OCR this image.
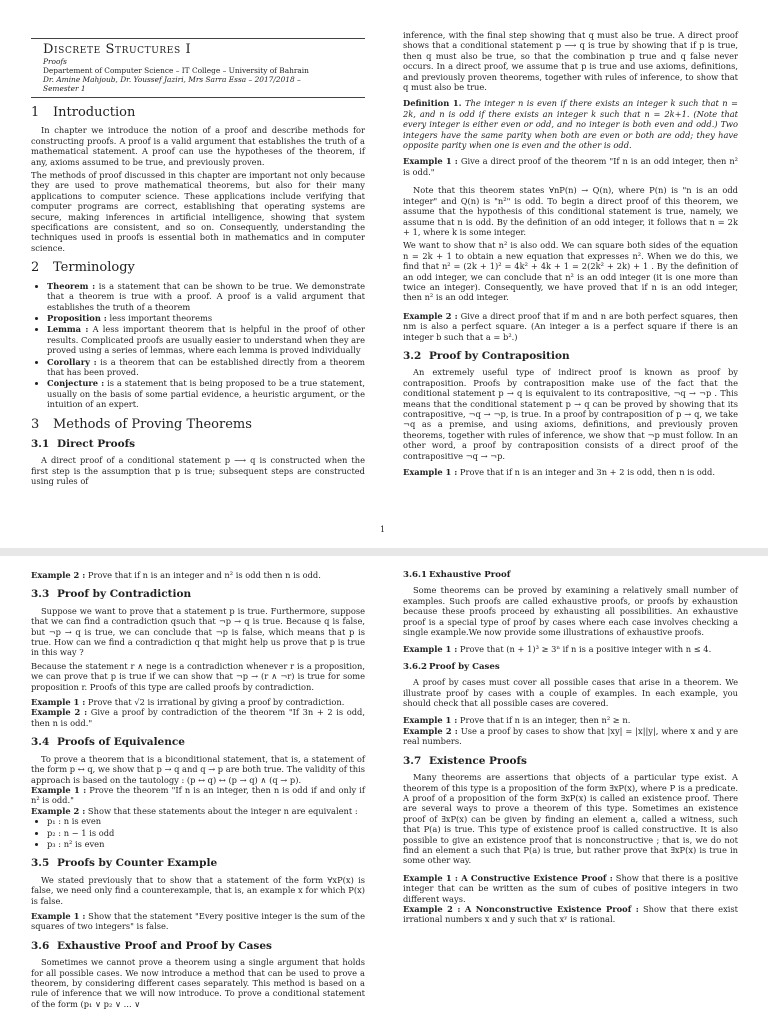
Discrete Structures I
Proofs
Departement of Computer Science – IT College – University of Bahrain
Dr. Amine Mahjoub, Dr. Youssef Jaziri, Mrs Sarra Essa – 2017/2018 –
Semester 1
1 Introduction

In chapter we introduce the notion of a proof and describe methods for constructing proofs. A proof is a valid argument that establishes the truth of a mathematical statement. A proof can use the hypotheses of the theorem, if any, axioms assumed to be true, and previously proven.

The methods of proof discussed in this chapter are important not only because they are used to prove mathematical theorems, but also for their many applications to computer science. These applications include verifying that computer programs are correct, establishing that operating systems are secure, making inferences in artificial intelligence, showing that system specifications are consistent, and so on. Consequently, understanding the techniques used in proofs is essential both in mathematics and in computer science.

2 Terminology
• Theorem : is a statement that can be shown to be true. We demonstrate that a theorem is true with a proof. A proof is a valid argument that establishes the truth of a theorem
• Proposition : less important theorems
• Lemma : A less important theorem that is helpful in the proof of other results. Complicated proofs are usually easier to understand when they are proved using a series of lemmas, where each lemma is proved individually
• Corollary : is a theorem that can be established directly from a theorem that has been proved.
• Conjecture : is a statement that is being proposed to be a true statement, usually on the basis of some partial evidence, a heuristic argument, or the intuition of an expert.
3 Methods of Proving Theorems
3.1 Direct Proofs

A direct proof of a conditional statement p ⟶ q is constructed when the first step is the assumption that p is true; subsequent steps are constructed using rules of

inference, with the final step showing that q must also be true. A direct proof shows that a conditional statement p ⟶ q is true by showing that if p is true, then q must also be true, so that the combination p true and q false never occurs. In a direct proof, we assume that p is true and use axioms, definitions, and previously proven theorems, together with rules of inference, to show that q must also be true.

Definition 1. The integer n is even if there exists an integer k such that n = 2k, and n is odd if there exists an integer k such that n = 2k+1. (Note that every integer is either even or odd, and no integer is both even and odd.) Two integers have the same parity when both are even or both are odd; they have opposite parity when one is even and the other is odd.

Example 1 : Give a direct proof of the theorem "If n is an odd integer, then n² is odd."

Note that this theorem states ∀nP(n) → Q(n), where P(n) is "n is an odd integer" and Q(n) is "n²" is odd. To begin a direct proof of this theorem, we assume that the hypothesis of this conditional statement is true, namely, we assume that n is odd. By the definition of an odd integer, it follows that n = 2k + 1, where k is some integer.

We want to show that n² is also odd. We can square both sides of the equation n = 2k + 1 to obtain a new equation that expresses n². When we do this, we find that n² = (2k + 1)² = 4k² + 4k + 1 = 2(2k² + 2k) + 1 . By the definition of an odd integer, we can conclude that n² is an odd integer (it is one more than twice an integer). Consequently, we have proved that if n is an odd integer, then n² is an odd integer.

Example 2 : Give a direct proof that if m and n are both perfect squares, then nm is also a perfect square. (An integer a is a perfect square if there is an integer b such that a = b².)

3.2 Proof by Contraposition

An extremely useful type of indirect proof is known as proof by contraposition. Proofs by contraposition make use of the fact that the conditional statement p → q is equivalent to its contrapositive, ¬q → ¬p . This means that the conditional statement p → q can be proved by showing that its contrapositive, ¬q → ¬p, is true. In a proof by contraposition of p → q, we take ¬q as a premise, and using axioms, definitions, and previously proven theorems, together with rules of inference, we show that ¬p must follow. In an other word, a proof by contraposition consists of a direct proof of the contrapositive ¬q → ¬p.

Example 1 : Prove that if n is an integer and 3n + 2 is odd, then n is odd.

1

Example 2 : Prove that if n is an integer and n² is odd then n is odd.

3.3 Proof by Contradiction

Suppose we want to prove that a statement p is true. Furthermore, suppose that we can find a contradiction qsuch that ¬p → q is true. Because q is false, but ¬p → q is true, we can conclude that ¬p is false, which means that p is true. How can we find a contradiction q that might help us prove that p is true in this way ?

Because the statement r ∧ nege is a contradiction whenever r is a proposition, we can prove that p is true if we can show that ¬p → (r ∧ ¬r) is true for some proposition r. Proofs of this type are called proofs by contradiction.

Example 1 : Prove that √2 is irrational by giving a proof by contradiction.

Example 2 : Give a proof by contradiction of the theorem "If 3n + 2 is odd, then n is odd."

3.4 Proofs of Equivalence

To prove a theorem that is a biconditional statement, that is, a statement of the form p ↔ q, we show that p → q and q → p are both true. The validity of this approach is based on the tautology : (p ↔ q) ↔ (p → q) ∧ (q → p).

Example 1 : Prove the theorem "If n is an integer, then n is odd if and only if n² is odd."

Example 2 : Show that these statements about the integer n are equivalent :

• p₁ : n is even
• p₂ : n − 1 is odd
• p₃ : n² is even
3.5 Proofs by Counter Example

We stated previously that to show that a statement of the form ∀xP(x) is false, we need only find a counterexample, that is, an example x for which P(x) is false.

Example 1 : Show that the statement "Every positive integer is the sum of the squares of two integers" is false.

3.6 Exhaustive Proof and Proof by Cases

Sometimes we cannot prove a theorem using a single argument that holds for all possible cases. We now introduce a method that can be used to prove a theorem, by considering different cases separately. This method is based on a rule of inference that we will now introduce. To prove a conditional statement of the form (p₁ ∨ p₂ ∨ ... ∨

3.6.1 Exhaustive Proof

Some theorems can be proved by examining a relatively small number of examples. Such proofs are called exhaustive proofs, or proofs by exhaustion because these proofs proceed by exhausting all possibilities. An exhaustive proof is a special type of proof by cases where each case involves checking a single example.We now provide some illustrations of exhaustive proofs.

Example 1 : Prove that (n + 1)³ ≥ 3ⁿ if n is a positive integer with n ≤ 4.

3.6.2 Proof by Cases

A proof by cases must cover all possible cases that arise in a theorem. We illustrate proof by cases with a couple of examples. In each example, you should check that all possible cases are covered.

Example 1 : Prove that if n is an integer, then n² ≥ n.

Example 2 : Use a proof by cases to show that |xy| = |x||y|, where x and y are real numbers.

3.7 Existence Proofs

Many theorems are assertions that objects of a particular type exist. A theorem of this type is a proposition of the form ∃xP(x), where P is a predicate. A proof of a proposition of the form ∃xP(x) is called an existence proof. There are several ways to prove a theorem of this type. Sometimes an existence proof of ∃xP(x) can be given by finding an element a, called a witness, such that P(a) is true. This type of existence proof is called constructive. It is also possible to give an existence proof that is nonconstructive ; that is, we do not find an element a such that P(a) is true, but rather prove that ∃xP(x) is true in some other way.

Example 1 : A Constructive Existence Proof : Show that there is a positive integer that can be written as the sum of cubes of positive integers in two different ways.

Example 2 : A Nonconstructive Existence Proof : Show that there exist irrational numbers x and y such that xʸ is rational.
